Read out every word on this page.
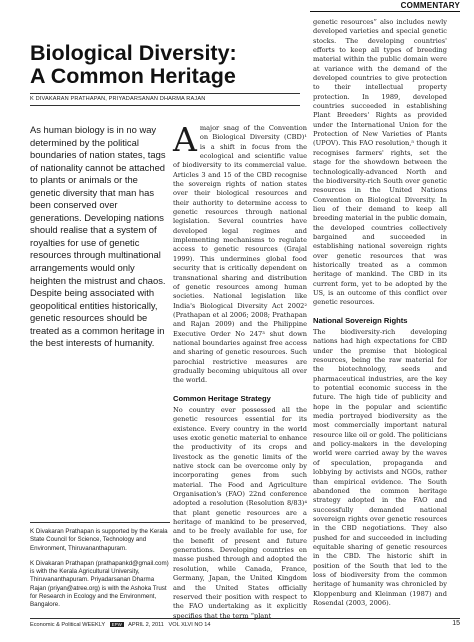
COMMENTARY
Biological Diversity:
A Common Heritage
K DIVAKARAN PRATHAPAN, PRIYADARSANAN DHARMA RAJAN
As human biology is in no way determined by the political boundaries of nation states, tags of nationality cannot be attached to plants or animals or the genetic diversity that man has been conserved over generations. Developing nations should realise that a system of royalties for use of genetic resources through multinational arrangements would only heighten the mistrust and chaos. Despite being associated with geopolitical entities historically, genetic resources should be treated as a common heritage in the best interests of humanity.

K Divakaran Prathapan is supported by the Kerala State Council for Science, Technology and Environment, Thiruvananthapuram.

K Divakaran Prathapan (prathapankd@gmail.com) is with the Kerala Agricultural University, Thiruvananthapuram. Priyadarsanan Dharma Rajan (priyan@atree.org) is with the Ashoka Trust for Research in Ecology and the Environment, Bangalore.

Amajor snag of the Convention on Biological Diversity (CBD)¹ is a shift in focus from the ecological and scientific value of biodiversity to its commercial value. Articles 3 and 15 of the CBD recognise the sovereign rights of nation states over their biological resources and their authority to determine access to genetic resources through national legislation. Several countries have developed legal regimes and implementing mechanisms to regulate access to genetic resources (Grajal 1999). This undermines global food security that is critically dependent on transnational sharing and distribution of genetic resources among human societies. National legislation like India's Biological Diversity Act 2002² (Prathapan et al 2006; 2008; Prathapan and Rajan 2009) and the Philippine Executive Order No 247³ shut down national boundaries against free access and sharing of genetic resources. Such parochial restrictive measures are gradually becoming ubiquitous all over the world.

Common Heritage Strategy

No country ever possessed all the genetic resources essential for its existence. Every country in the world uses exotic genetic material to enhance the productivity of its crops and livestock as the genetic limits of the native stock can be overcome only by incorporating genes from such material. The Food and Agriculture Organisation's (FAO) 22nd conference adopted a resolution (Resolution 8/83)⁴ that plant genetic resources are a heritage of mankind to be preserved, and to be freely available for use, for the benefit of present and future generations. Developing countries en masse pushed through and adopted the resolution, while Canada, France, Germany, Japan, the United Kingdom and the United States officially reserved their position with respect to the FAO undertaking as it explicitly specifies that the term “plant

genetic resources” also includes newly developed varieties and special genetic stocks. The developing countries' efforts to keep all types of breeding material within the public domain were at variance with the demand of the developed countries to give protection to their intellectual property protection. In 1989, developed countries succeeded in establishing Plant Breeders' Rights as provided under the International Union for the Protection of New Varieties of Plants (UPOV). This FAO resolution,⁵ though it recognises farmers' rights, set the stage for the showdown between the technologically-advanced North and the biodiversity-rich South over genetic resources in the United Nations Convention on Biological Diversity. In lieu of their demand to keep all breeding material in the public domain, the developed countries collectively bargained and succeeded in establishing national sovereign rights over genetic resources that was historically treated as a common heritage of mankind. The CBD in its current form, yet to be adopted by the US, is an outcome of this conflict over genetic resources.

National Sovereign Rights

The biodiversity-rich developing nations had high expectations for CBD under the premise that biological resources, being the raw material for the biotechnology, seeds and pharmaceutical industries, are the key to potential economic success in the future. The high tide of publicity and hope in the popular and scientific media portrayed biodiversity as the most commercially important natural resource like oil or gold. The politicians and policy-makers in the developing world were carried away by the waves of speculation, propaganda and lobbying by activists and NGOs, rather than empirical evidence. The South abandoned the common heritage strategy adopted in the FAO and successfully demanded national sovereign rights over genetic resources in the CBD negotiations. They also pushed for and succeeded in including equitable sharing of genetic resources in the CBD. The historic shift in position of the South that led to the loss of biodiversity from the common heritage of humanity was chronicled by Kloppenburg and Kleinman (1987) and Rosendal (2003, 2006).

Economic & Political WEEKLY EPW APRIL 2, 2011 VOL XLVI NO 14	15
